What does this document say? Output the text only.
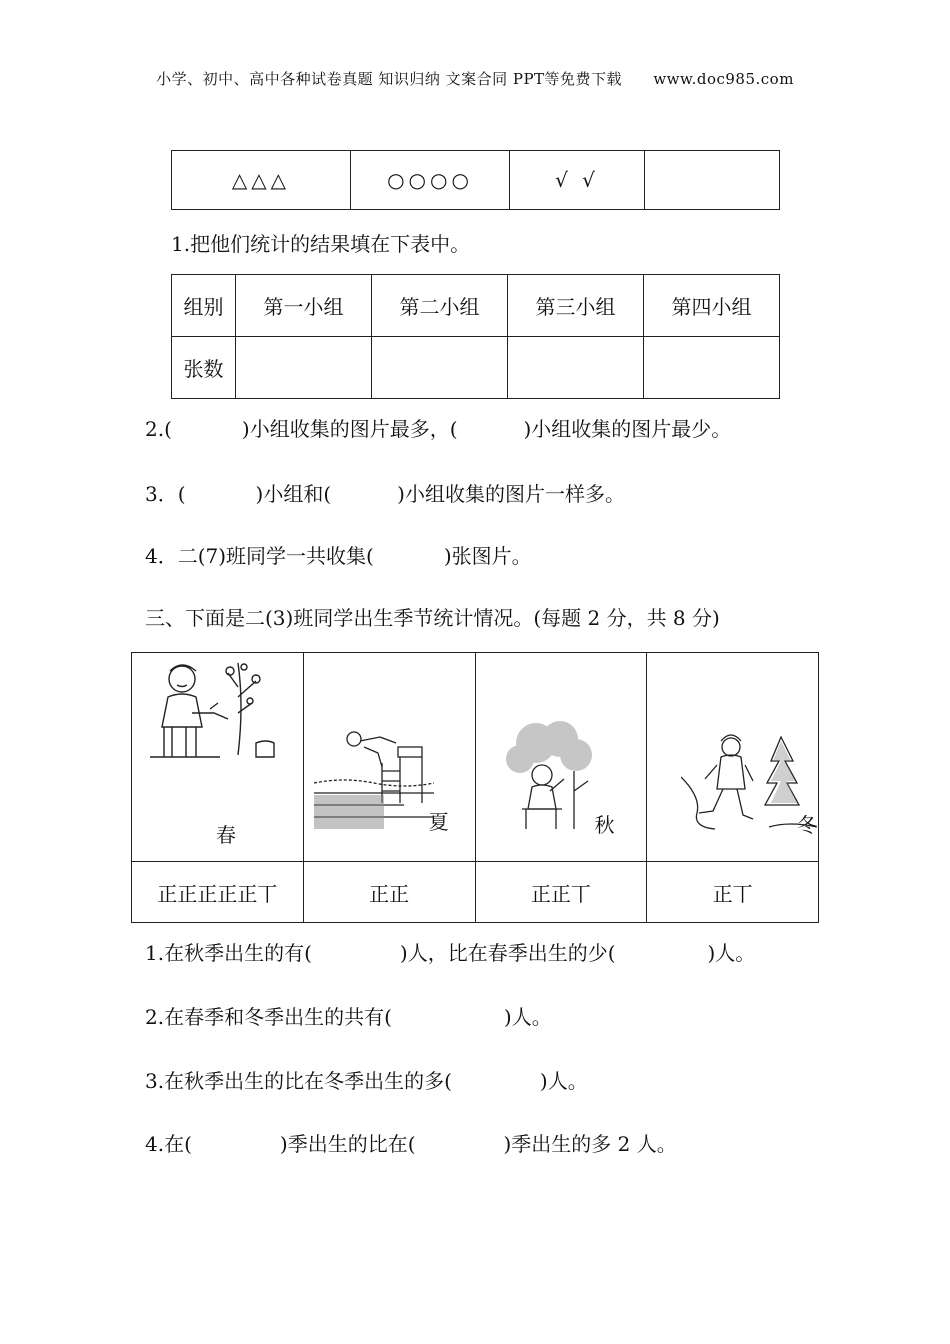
小学、初中、高中各种试卷真题 知识归纳 文案合同 PPT等免费下载 www.doc985.com
△△△	○○○○	√ √	
1.把他们统计的结果填在下表中。
组别	第一小组	第二小组	第三小组	第四小组
张数				
2.(	)小组收集的图片最多，(	)小组收集的图片最少。
3．(	)小组和(	)小组收集的图片一样多。
4．二(7)班同学一共收集(	)张图片。
三、下面是二(3)班同学出生季节统计情况。(每题 2 分，共 8 分)
春	夏	秋	冬

正正正正正丅	正正	正正丅	正丅
1.在秋季出生的有(	)人，比在春季出生的少(	)人。
2.在春季和冬季出生的共有(	)人。
3.在秋季出生的比在冬季出生的多(	)人。
4.在(	)季出生的比在(	)季出生的多 2 人。
